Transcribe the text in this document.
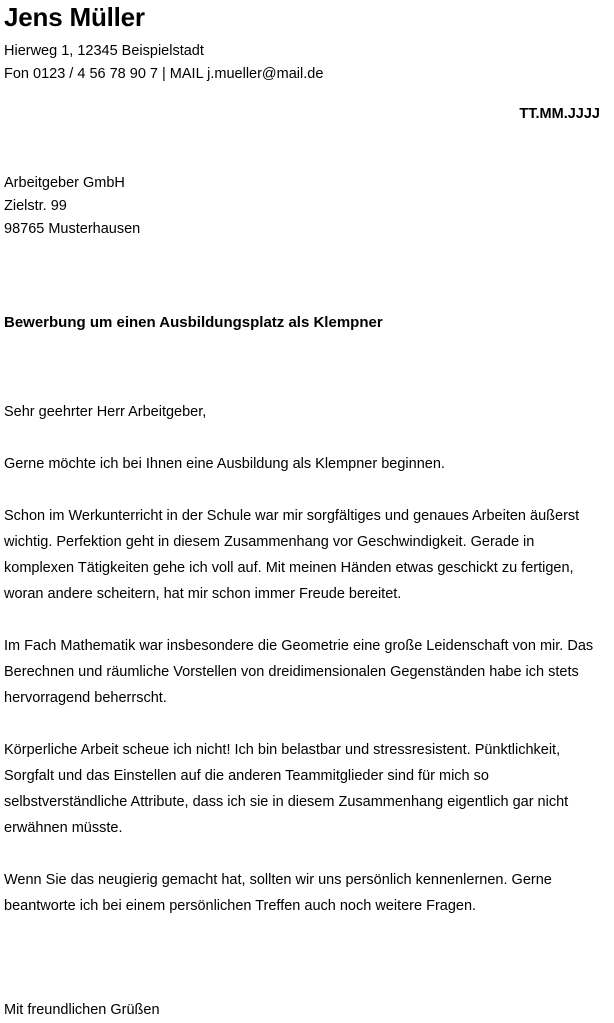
Jens Müller

Hierweg 1, 12345 Beispielstadt

Fon 0123 / 4 56 78 90 7 | MAIL j.mueller@mail.de

TT.MM.JJJJ

Arbeitgeber GmbH

Zielstr. 99

98765 Musterhausen

Bewerbung um einen Ausbildungsplatz als Klempner

Sehr geehrter Herr Arbeitgeber,

Gerne möchte ich bei Ihnen eine Ausbildung als Klempner beginnen.

Schon im Werkunterricht in der Schule war mir sorgfältiges und genaues Arbeiten äußerst wichtig. Perfektion geht in diesem Zusammenhang vor Geschwindigkeit. Gerade in komplexen Tätigkeiten gehe ich voll auf. Mit meinen Händen etwas geschickt zu fertigen, woran andere scheitern, hat mir schon immer Freude bereitet.

Im Fach Mathematik war insbesondere die Geometrie eine große Leidenschaft von mir. Das Berechnen und räumliche Vorstellen von dreidimensionalen Gegenständen habe ich stets hervorragend beherrscht.

Körperliche Arbeit scheue ich nicht! Ich bin belastbar und stressresistent. Pünktlichkeit, Sorgfalt und das Einstellen auf die anderen Teammitglieder sind für mich so selbstverständliche Attribute, dass ich sie in diesem Zusammenhang eigentlich gar nicht erwähnen müsste.

Wenn Sie das neugierig gemacht hat, sollten wir uns persönlich kennenlernen. Gerne beantworte ich bei einem persönlichen Treffen auch noch weitere Fragen.

Mit freundlichen Grüßen
